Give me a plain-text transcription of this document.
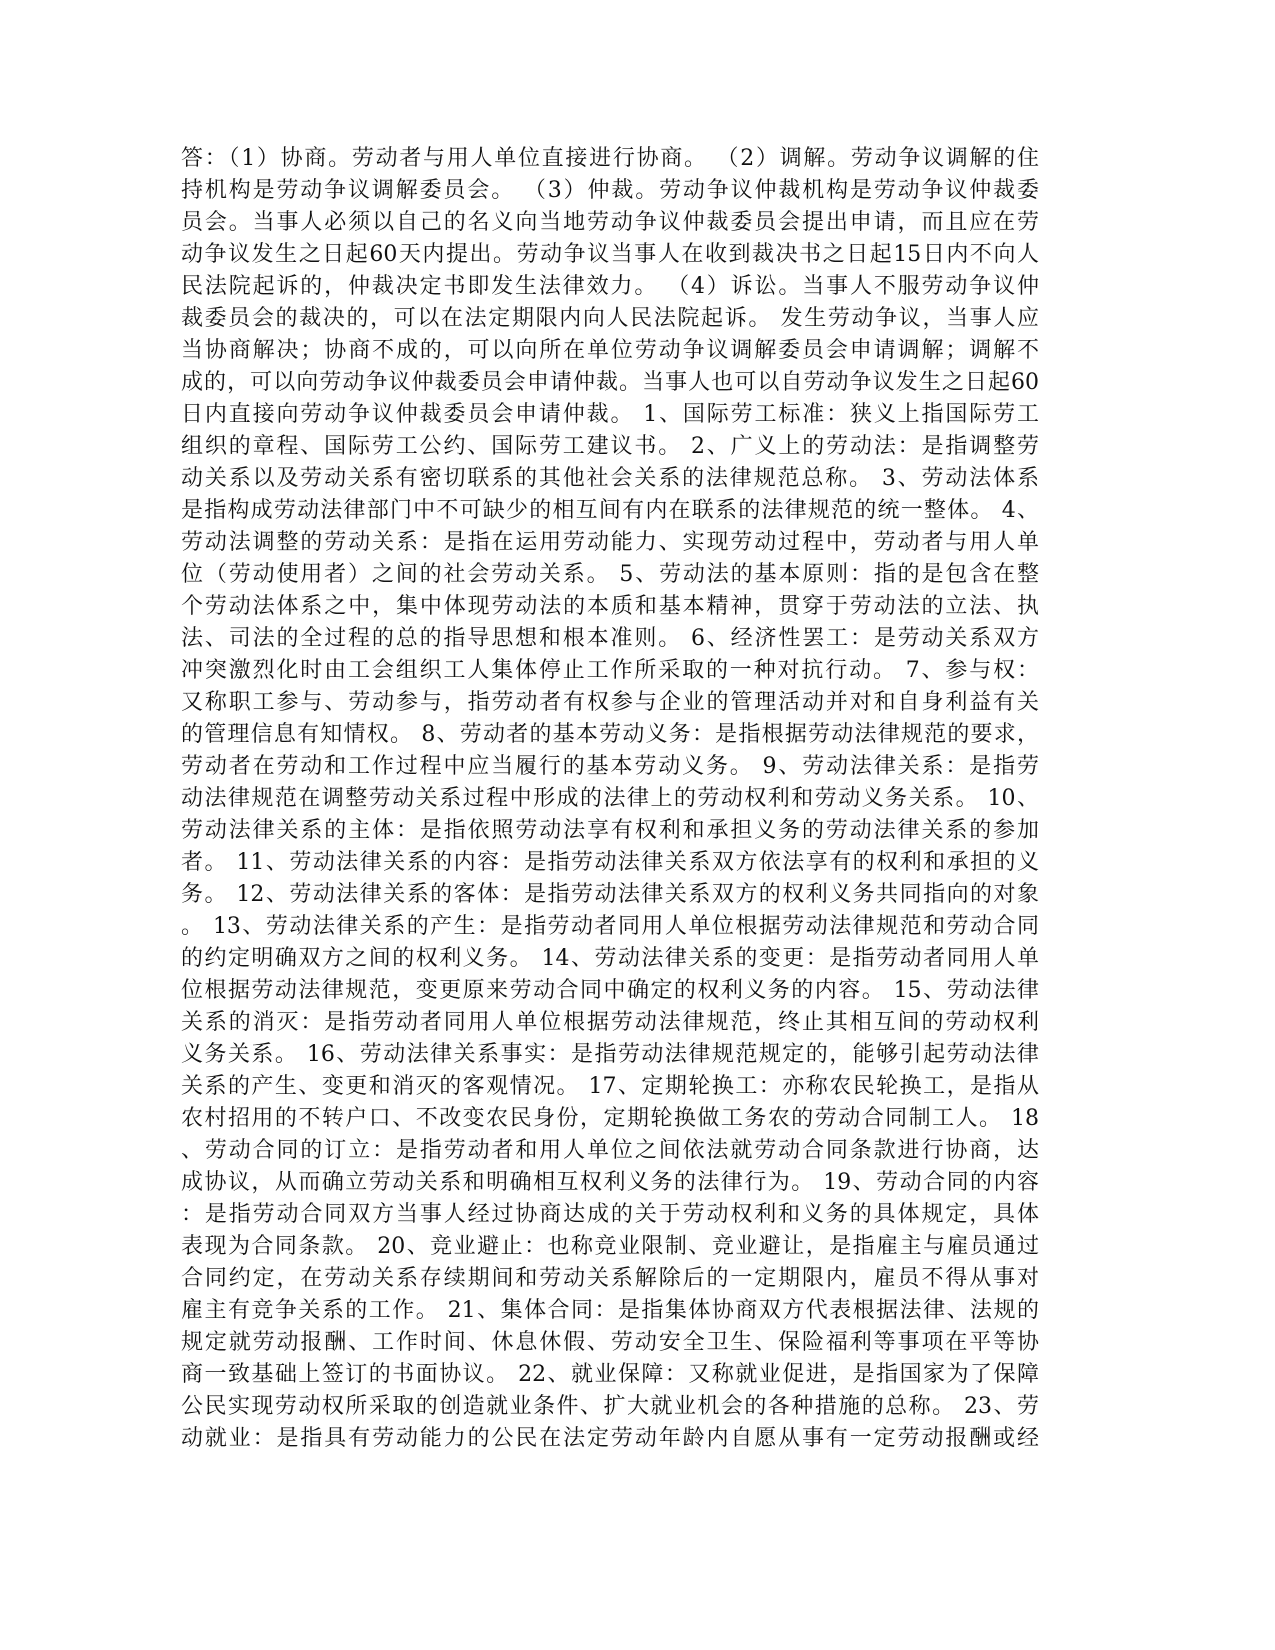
答：（1）协商。劳动者与用人单位直接进行协商。 （2）调解。劳动争议调解的住
持机构是劳动争议调解委员会。 （3）仲裁。劳动争议仲裁机构是劳动争议仲裁委
员会。当事人必须以自己的名义向当地劳动争议仲裁委员会提出申请，而且应在劳
动争议发生之日起60天内提出。劳动争议当事人在收到裁决书之日起15日内不向人
民法院起诉的，仲裁决定书即发生法律效力。 （4）诉讼。当事人不服劳动争议仲
裁委员会的裁决的，可以在法定期限内向人民法院起诉。 发生劳动争议，当事人应
当协商解决；协商不成的，可以向所在单位劳动争议调解委员会申请调解；调解不
成的，可以向劳动争议仲裁委员会申请仲裁。当事人也可以自劳动争议发生之日起60
日内直接向劳动争议仲裁委员会申请仲裁。 1、国际劳工标准：狭义上指国际劳工
组织的章程、国际劳工公约、国际劳工建议书。 2、广义上的劳动法：是指调整劳
动关系以及劳动关系有密切联系的其他社会关系的法律规范总称。 3、劳动法体系
是指构成劳动法律部门中不可缺少的相互间有内在联系的法律规范的统一整体。 4、
劳动法调整的劳动关系：是指在运用劳动能力、实现劳动过程中，劳动者与用人单
位（劳动使用者）之间的社会劳动关系。 5、劳动法的基本原则：指的是包含在整
个劳动法体系之中，集中体现劳动法的本质和基本精神，贯穿于劳动法的立法、执
法、司法的全过程的总的指导思想和根本准则。 6、经济性罢工：是劳动关系双方
冲突激烈化时由工会组织工人集体停止工作所采取的一种对抗行动。 7、参与权：
又称职工参与、劳动参与，指劳动者有权参与企业的管理活动并对和自身利益有关
的管理信息有知情权。 8、劳动者的基本劳动义务：是指根据劳动法律规范的要求，
劳动者在劳动和工作过程中应当履行的基本劳动义务。 9、劳动法律关系：是指劳
动法律规范在调整劳动关系过程中形成的法律上的劳动权利和劳动义务关系。 10、
劳动法律关系的主体：是指依照劳动法享有权利和承担义务的劳动法律关系的参加
者。 11、劳动法律关系的内容：是指劳动法律关系双方依法享有的权利和承担的义
务。 12、劳动法律关系的客体：是指劳动法律关系双方的权利义务共同指向的对象
。 13、劳动法律关系的产生：是指劳动者同用人单位根据劳动法律规范和劳动合同
的约定明确双方之间的权利义务。 14、劳动法律关系的变更：是指劳动者同用人单
位根据劳动法律规范，变更原来劳动合同中确定的权利义务的内容。 15、劳动法律
关系的消灭：是指劳动者同用人单位根据劳动法律规范，终止其相互间的劳动权利
义务关系。 16、劳动法律关系事实：是指劳动法律规范规定的，能够引起劳动法律
关系的产生、变更和消灭的客观情况。 17、定期轮换工：亦称农民轮换工，是指从
农村招用的不转户口、不改变农民身份，定期轮换做工务农的劳动合同制工人。 18
、劳动合同的订立：是指劳动者和用人单位之间依法就劳动合同条款进行协商，达
成协议，从而确立劳动关系和明确相互权利义务的法律行为。 19、劳动合同的内容
：是指劳动合同双方当事人经过协商达成的关于劳动权利和义务的具体规定，具体
表现为合同条款。 20、竞业避止：也称竞业限制、竞业避让，是指雇主与雇员通过
合同约定，在劳动关系存续期间和劳动关系解除后的一定期限内，雇员不得从事对
雇主有竞争关系的工作。 21、集体合同：是指集体协商双方代表根据法律、法规的
规定就劳动报酬、工作时间、休息休假、劳动安全卫生、保险福利等事项在平等协
商一致基础上签订的书面协议。 22、就业保障：又称就业促进，是指国家为了保障
公民实现劳动权所采取的创造就业条件、扩大就业机会的各种措施的总称。 23、劳
动就业：是指具有劳动能力的公民在法定劳动年龄内自愿从事有一定劳动报酬或经
